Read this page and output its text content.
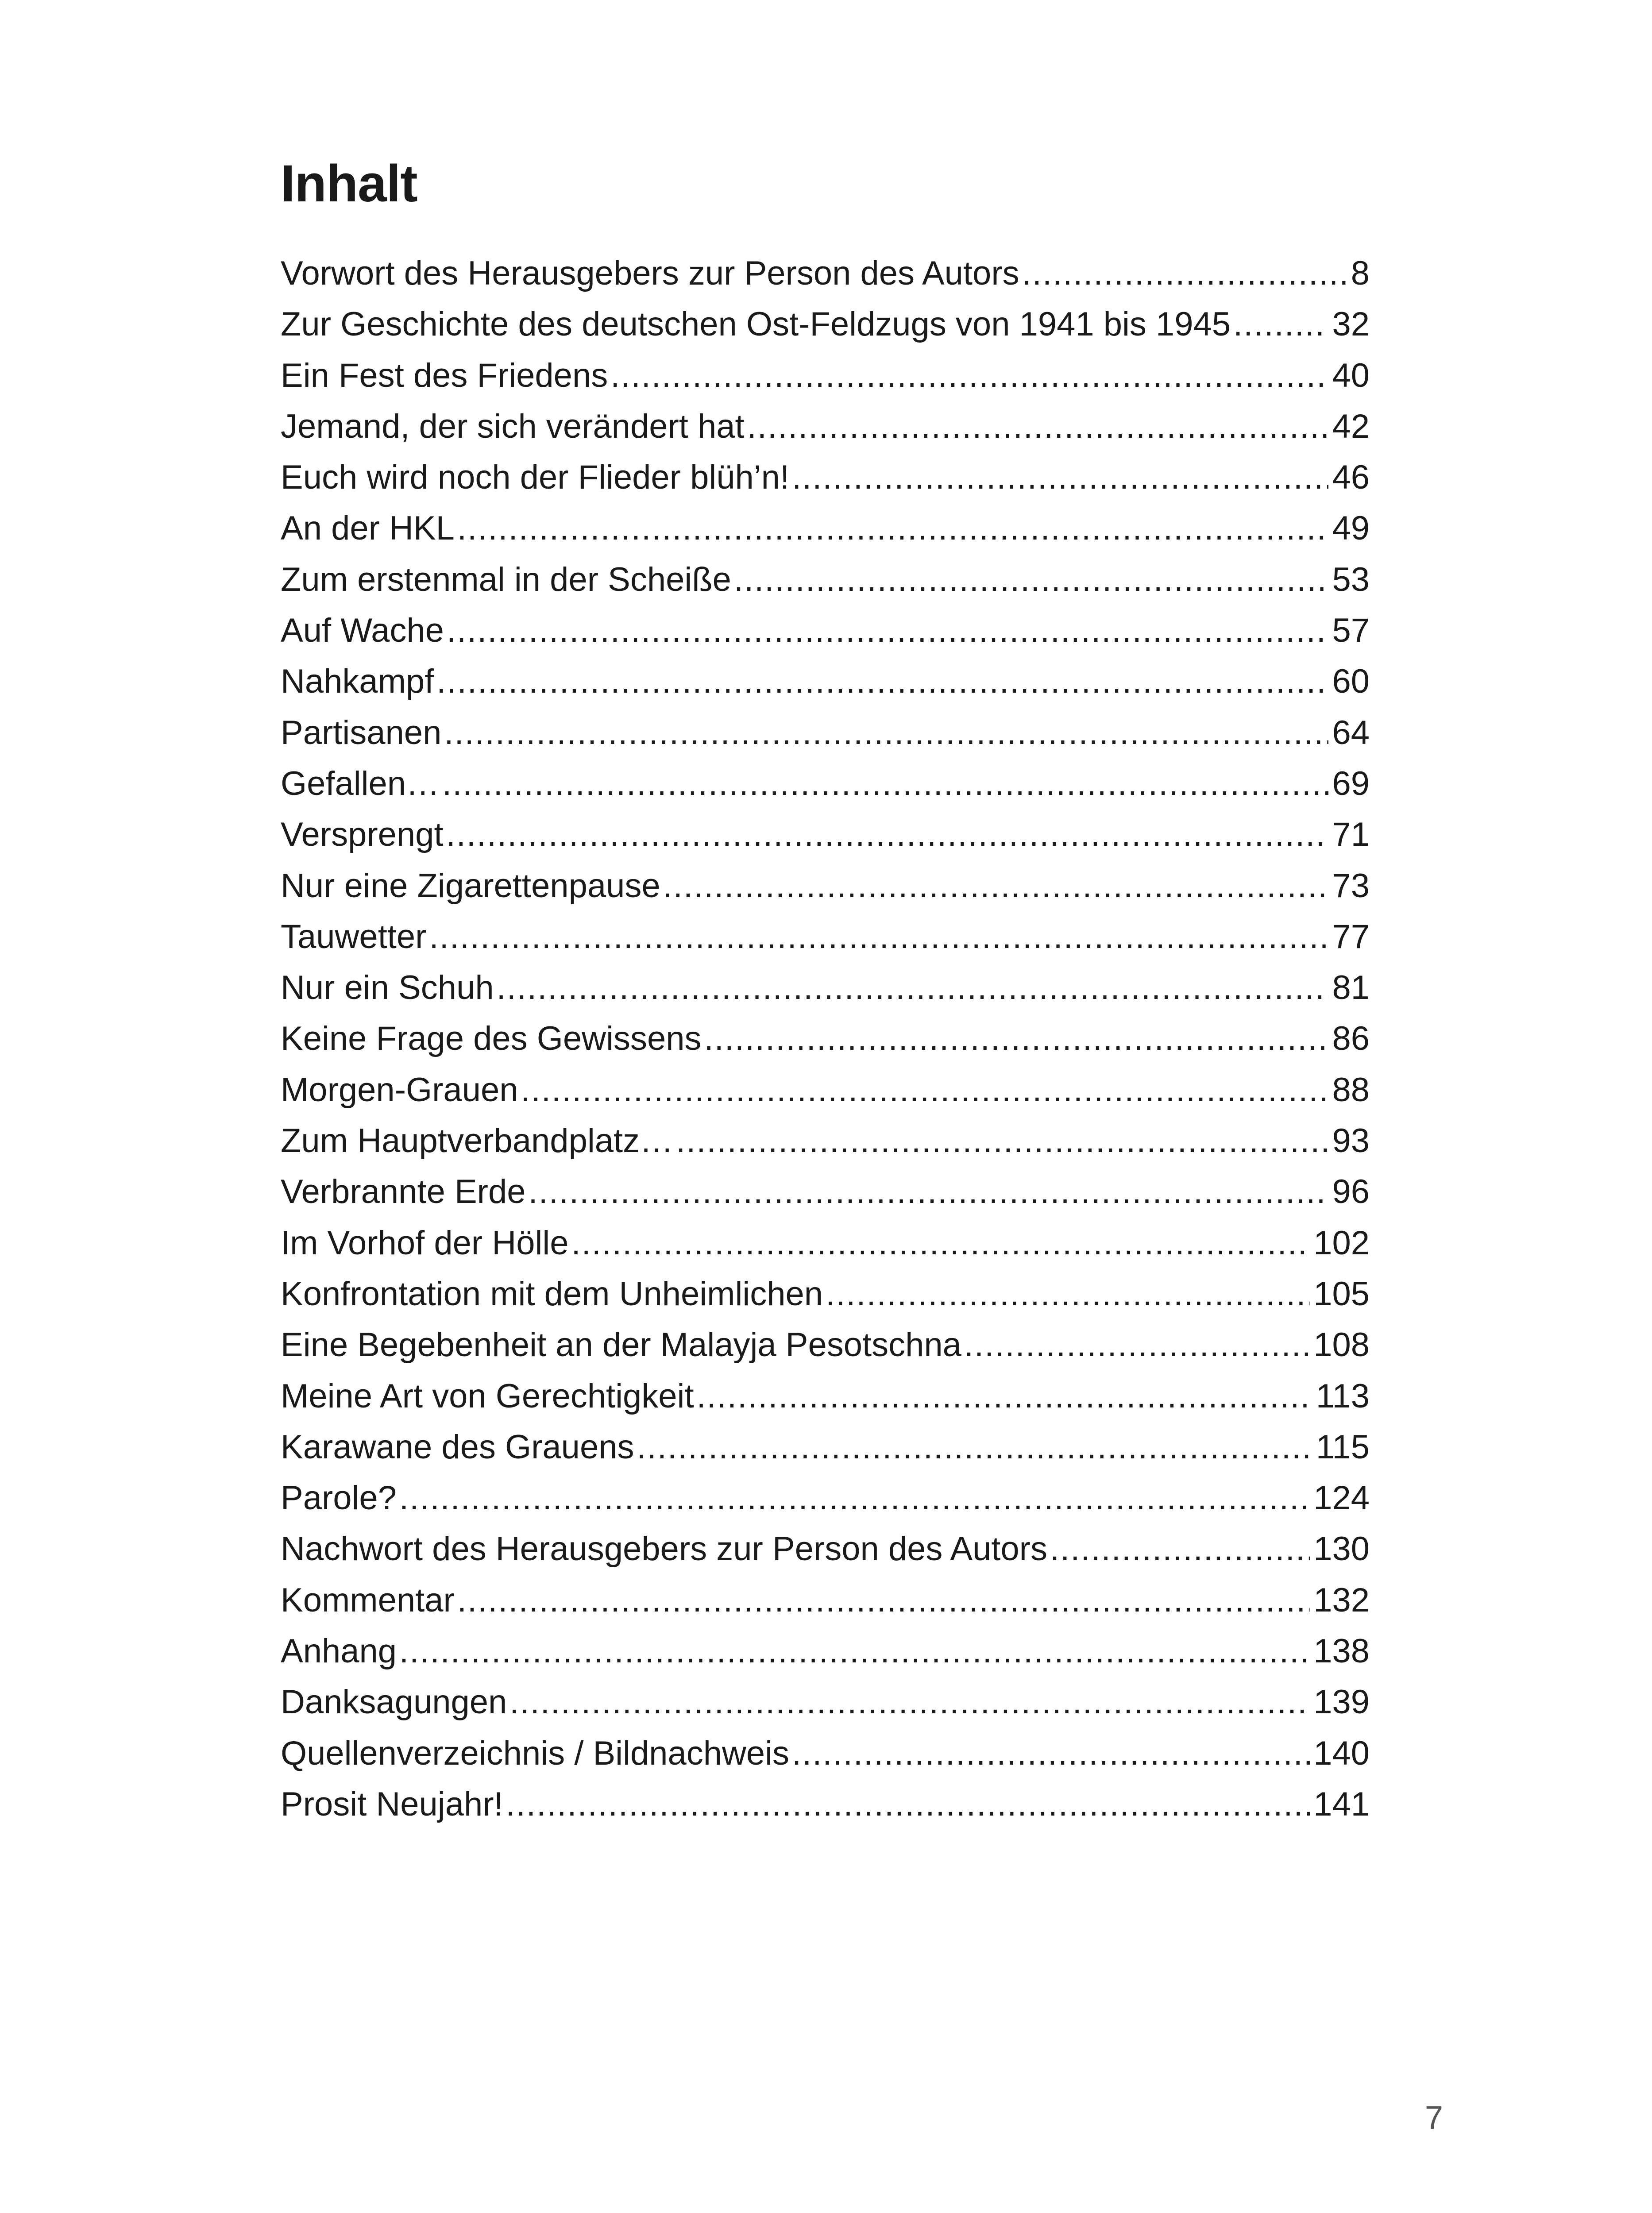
Inhalt
Vorwort des Herausgebers zur Person des Autors .....	8
Zur Geschichte des deutschen Ost-Feldzugs von 1941 bis 1945 .....	32
Ein Fest des Friedens .....	40
Jemand, der sich verändert hat .....	42
Euch wird noch der Flieder blüh’n! .....	46
An der HKL .....	49
Zum erstenmal in der Scheiße .....	53
Auf Wache .....	57
Nahkampf .....	60
Partisanen .....	64
Gefallen… .....	69
Versprengt .....	71
Nur eine Zigarettenpause .....	73
Tauwetter .....	77
Nur ein Schuh .....	81
Keine Frage des Gewissens .....	86
Morgen-Grauen .....	88
Zum Hauptverbandplatz… .....	93
Verbrannte Erde .....	96
Im Vorhof der Hölle .....	102
Konfrontation mit dem Unheimlichen .....	105
Eine Begebenheit an der Malayja Pesotschna .....	108
Meine Art von Gerechtigkeit .....	113
Karawane des Grauens .....	115
Parole? .....	124
Nachwort des Herausgebers zur Person des Autors .....	130
Kommentar .....	132
Anhang .....	138
Danksagungen .....	139
Quellenverzeichnis / Bildnachweis .....	140
Prosit Neujahr! .....	141
7
